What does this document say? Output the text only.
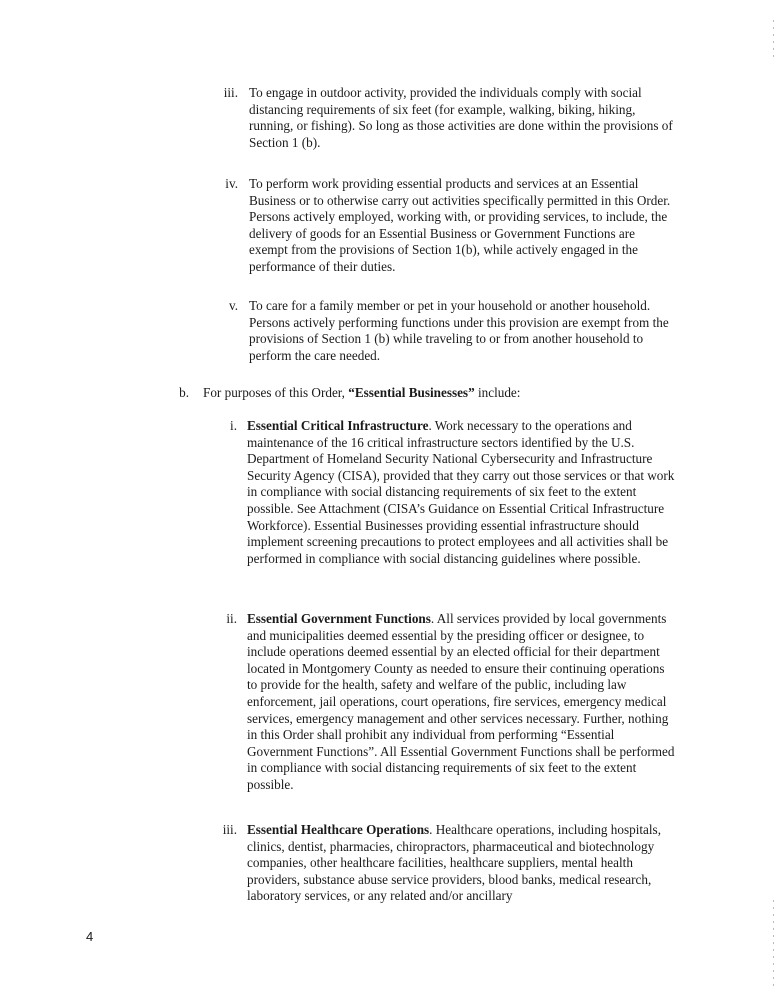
iii. To engage in outdoor activity, provided the individuals comply with social distancing requirements of six feet (for example, walking, biking, hiking, running, or fishing). So long as those activities are done within the provisions of Section 1 (b).
iv. To perform work providing essential products and services at an Essential Business or to otherwise carry out activities specifically permitted in this Order. Persons actively employed, working with, or providing services, to include, the delivery of goods for an Essential Business or Government Functions are exempt from the provisions of Section 1(b), while actively engaged in the performance of their duties.
v. To care for a family member or pet in your household or another household. Persons actively performing functions under this provision are exempt from the provisions of Section 1 (b) while traveling to or from another household to perform the care needed.
b. For purposes of this Order, “Essential Businesses” include:
i. Essential Critical Infrastructure. Work necessary to the operations and maintenance of the 16 critical infrastructure sectors identified by the U.S. Department of Homeland Security National Cybersecurity and Infrastructure Security Agency (CISA), provided that they carry out those services or that work in compliance with social distancing requirements of six feet to the extent possible. See Attachment (CISA’s Guidance on Essential Critical Infrastructure Workforce). Essential Businesses providing essential infrastructure should implement screening precautions to protect employees and all activities shall be performed in compliance with social distancing guidelines where possible.
ii. Essential Government Functions. All services provided by local governments and municipalities deemed essential by the presiding officer or designee, to include operations deemed essential by an elected official for their department located in Montgomery County as needed to ensure their continuing operations to provide for the health, safety and welfare of the public, including law enforcement, jail operations, court operations, fire services, emergency medical services, emergency management and other services necessary. Further, nothing in this Order shall prohibit any individual from performing “Essential Government Functions”. All Essential Government Functions shall be performed in compliance with social distancing requirements of six feet to the extent possible.
iii. Essential Healthcare Operations. Healthcare operations, including hospitals, clinics, dentist, pharmacies, chiropractors, pharmaceutical and biotechnology companies, other healthcare facilities, healthcare suppliers, mental health providers, substance abuse service providers, blood banks, medical research, laboratory services, or any related and/or ancillary
4
